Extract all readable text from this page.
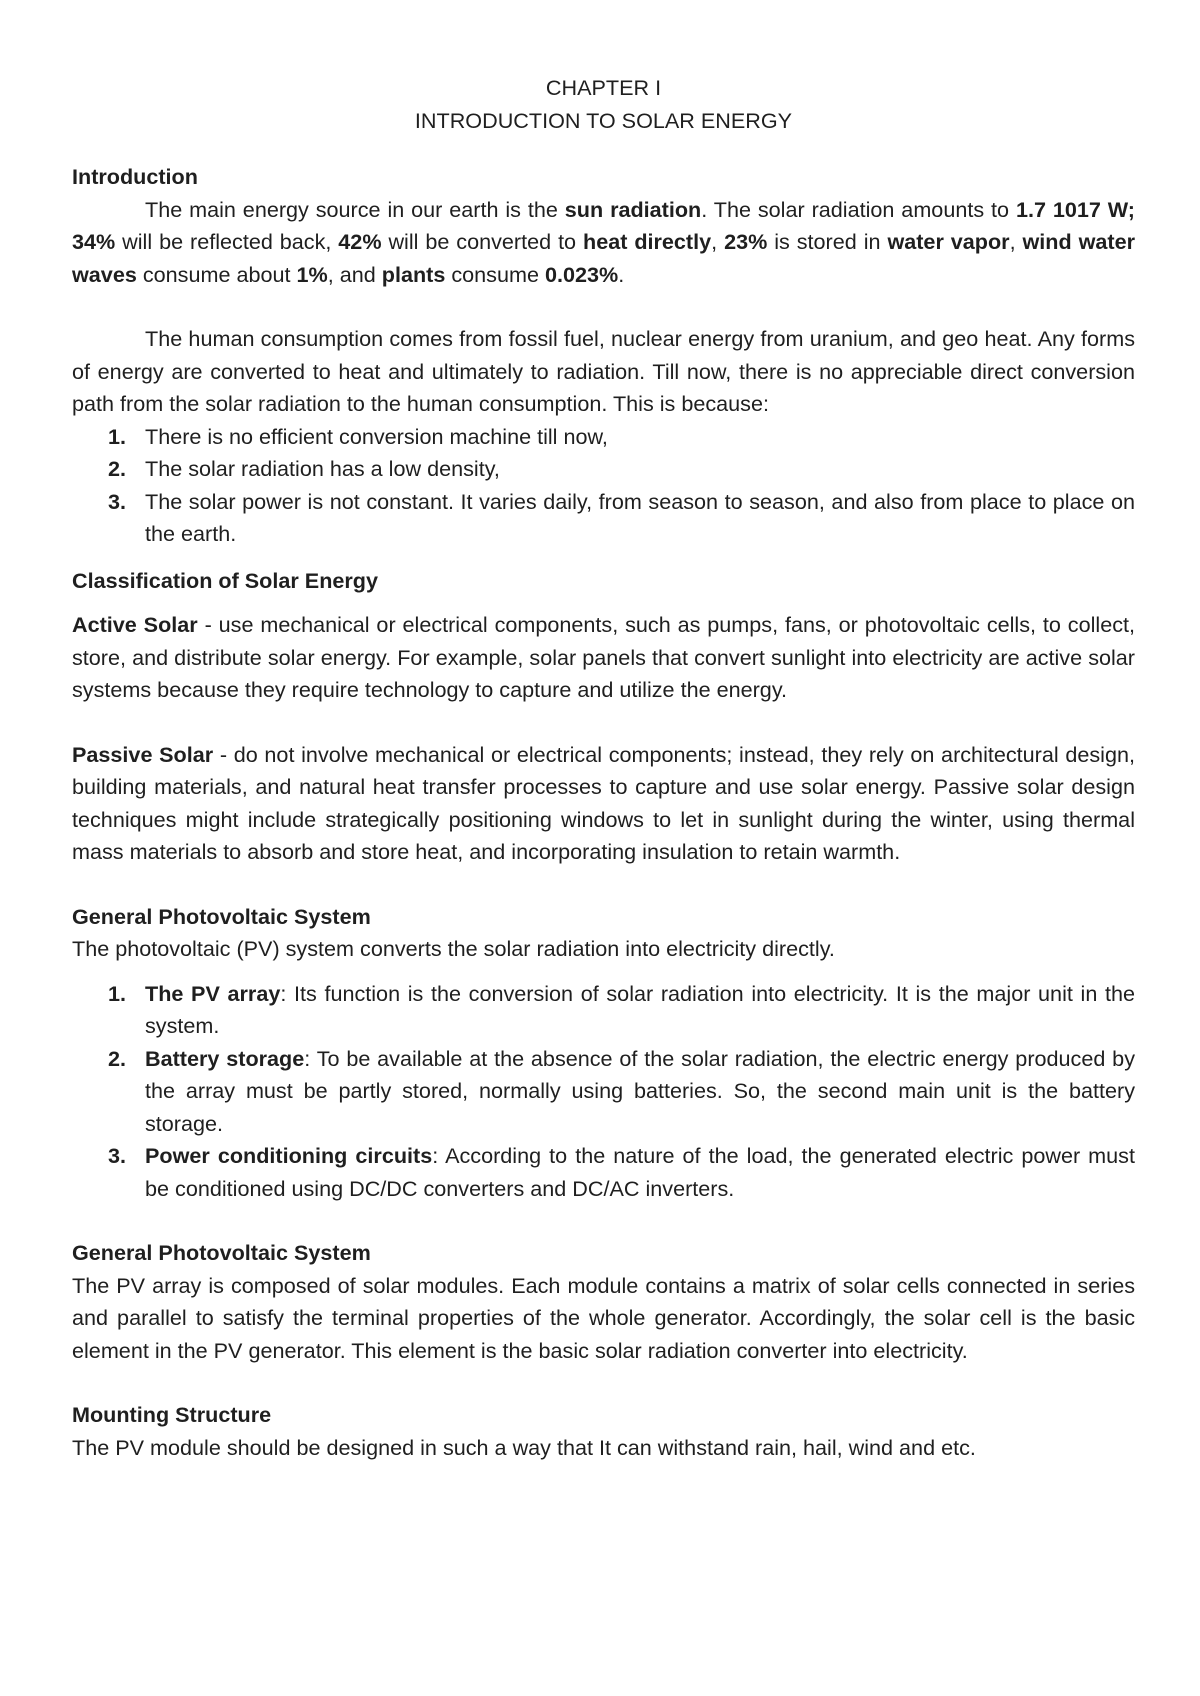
CHAPTER I
INTRODUCTION TO SOLAR ENERGY
Introduction

The main energy source in our earth is the sun radiation. The solar radiation amounts to 1.7 1017 W; 34% will be reflected back, 42% will be converted to heat directly, 23% is stored in water vapor, wind water waves consume about 1%, and plants consume 0.023%.

The human consumption comes from fossil fuel, nuclear energy from uranium, and geo heat. Any forms of energy are converted to heat and ultimately to radiation. Till now, there is no appreciable direct conversion path from the solar radiation to the human consumption. This is because:

1. There is no efficient conversion machine till now,
2. The solar radiation has a low density,
3. The solar power is not constant. It varies daily, from season to season, and also from place to place on the earth.
Classification of Solar Energy

Active Solar - use mechanical or electrical components, such as pumps, fans, or photovoltaic cells, to collect, store, and distribute solar energy. For example, solar panels that convert sunlight into electricity are active solar systems because they require technology to capture and utilize the energy.

Passive Solar - do not involve mechanical or electrical components; instead, they rely on architectural design, building materials, and natural heat transfer processes to capture and use solar energy. Passive solar design techniques might include strategically positioning windows to let in sunlight during the winter, using thermal mass materials to absorb and store heat, and incorporating insulation to retain warmth.

General Photovoltaic System

The photovoltaic (PV) system converts the solar radiation into electricity directly.

1. The PV array: Its function is the conversion of solar radiation into electricity. It is the major unit in the system.
2. Battery storage: To be available at the absence of the solar radiation, the electric energy produced by the array must be partly stored, normally using batteries. So, the second main unit is the battery storage.
3. Power conditioning circuits: According to the nature of the load, the generated electric power must be conditioned using DC/DC converters and DC/AC inverters.
General Photovoltaic System

The PV array is composed of solar modules. Each module contains a matrix of solar cells connected in series and parallel to satisfy the terminal properties of the whole generator. Accordingly, the solar cell is the basic element in the PV generator. This element is the basic solar radiation converter into electricity.

Mounting Structure

The PV module should be designed in such a way that It can withstand rain, hail, wind and etc.
